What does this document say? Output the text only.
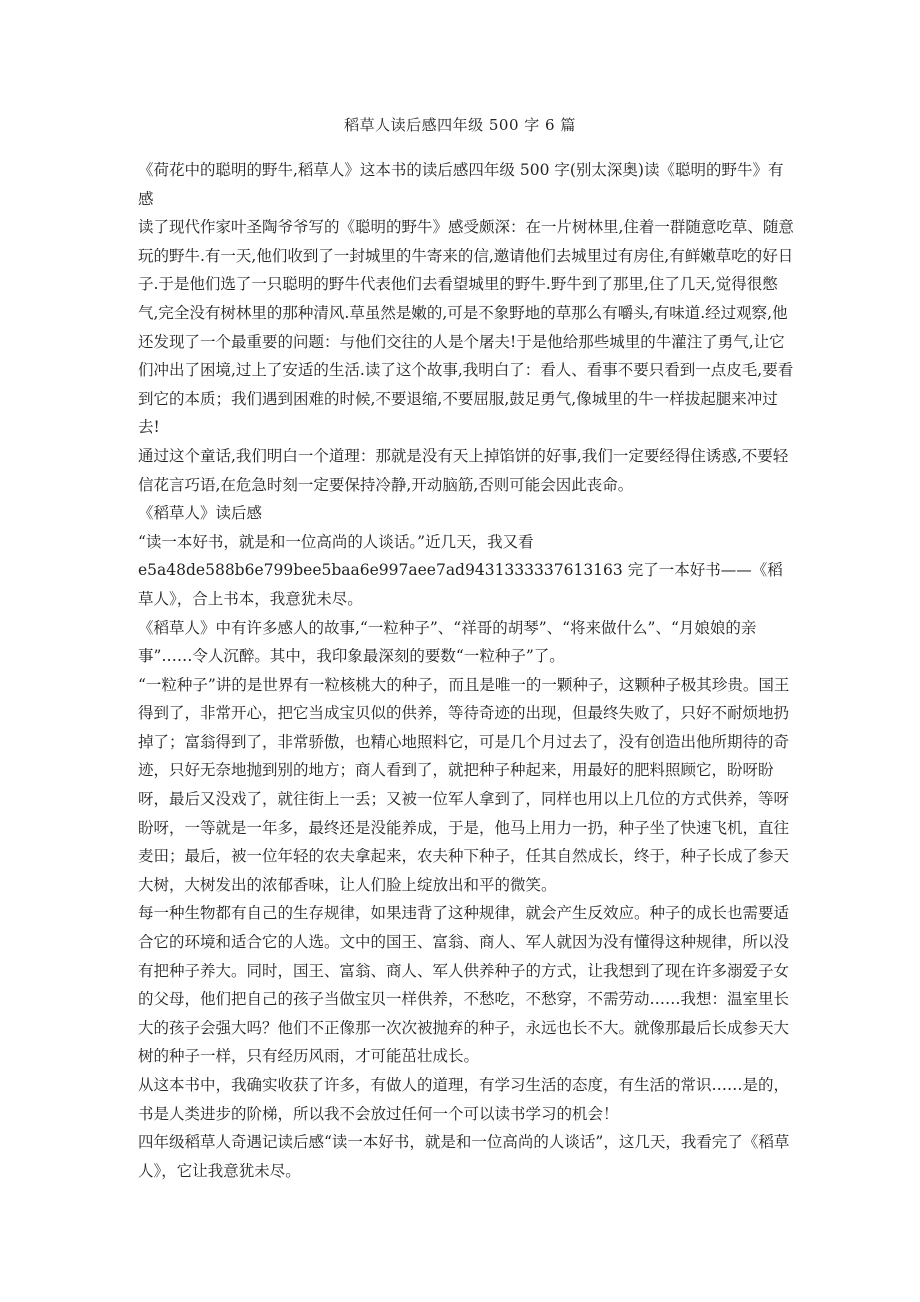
稻草人读后感四年级 500 字 6 篇

《荷花中的聪明的野牛,稻草人》这本书的读后感四年级 500 字(别太深奥)读《聪明的野牛》有感

读了现代作家叶圣陶爷爷写的《聪明的野牛》感受颇深：在一片树林里,住着一群随意吃草、随意玩的野牛.有一天,他们收到了一封城里的牛寄来的信,邀请他们去城里过有房住,有鲜嫩草吃的好日子.于是他们选了一只聪明的野牛代表他们去看望城里的野牛.野牛到了那里,住了几天,觉得很憋气,完全没有树林里的那种清风.草虽然是嫩的,可是不象野地的草那么有嚼头,有味道.经过观察,他还发现了一个最重要的问题：与他们交往的人是个屠夫!于是他给那些城里的牛灌注了勇气,让它们冲出了困境,过上了安适的生活.读了这个故事,我明白了：看人、看事不要只看到一点皮毛,要看到它的本质；我们遇到困难的时候,不要退缩,不要屈服,鼓足勇气,像城里的牛一样拔起腿来冲过去!

通过这个童话,我们明白一个道理：那就是没有天上掉馅饼的好事,我们一定要经得住诱惑,不要轻信花言巧语,在危急时刻一定要保持冷静,开动脑筋,否则可能会因此丧命。

《稻草人》读后感

“读一本好书，就是和一位高尚的人谈话。”近几天，我又看 e5a48de588b6e799bee5baa6e997aee7ad9431333337613163 完了一本好书——《稻草人》，合上书本，我意犹未尽。

《稻草人》中有许多感人的故事,“一粒种子”、“祥哥的胡琴”、“将来做什么”、“月娘娘的亲事”……令人沉醉。其中，我印象最深刻的要数“一粒种子”了。

“一粒种子”讲的是世界有一粒核桃大的种子，而且是唯一的一颗种子，这颗种子极其珍贵。国王得到了，非常开心，把它当成宝贝似的供养，等待奇迹的出现，但最终失败了，只好不耐烦地扔掉了；富翁得到了，非常骄傲，也精心地照料它，可是几个月过去了，没有创造出他所期待的奇迹，只好无奈地抛到别的地方；商人看到了，就把种子种起来，用最好的肥料照顾它，盼呀盼呀，最后又没戏了，就往街上一丢；又被一位军人拿到了，同样也用以上几位的方式供养，等呀盼呀，一等就是一年多，最终还是没能养成，于是，他马上用力一扔，种子坐了快速飞机，直往麦田；最后，被一位年轻的农夫拿起来，农夫种下种子，任其自然成长，终于，种子长成了参天大树，大树发出的浓郁香味，让人们脸上绽放出和平的微笑。

每一种生物都有自己的生存规律，如果违背了这种规律，就会产生反效应。种子的成长也需要适合它的环境和适合它的人选。文中的国王、富翁、商人、军人就因为没有懂得这种规律，所以没有把种子养大。同时，国王、富翁、商人、军人供养种子的方式，让我想到了现在许多溺爱子女的父母，他们把自己的孩子当做宝贝一样供养，不愁吃，不愁穿，不需劳动……我想：温室里长大的孩子会强大吗？他们不正像那一次次被抛弃的种子，永远也长不大。就像那最后长成参天大树的种子一样，只有经历风雨，才可能茁壮成长。

从这本书中，我确实收获了许多，有做人的道理，有学习生活的态度，有生活的常识……是的，书是人类进步的阶梯，所以我不会放过任何一个可以读书学习的机会！

四年级稻草人奇遇记读后感“读一本好书，就是和一位高尚的人谈话”，这几天，我看完了《稻草人》，它让我意犹未尽。
